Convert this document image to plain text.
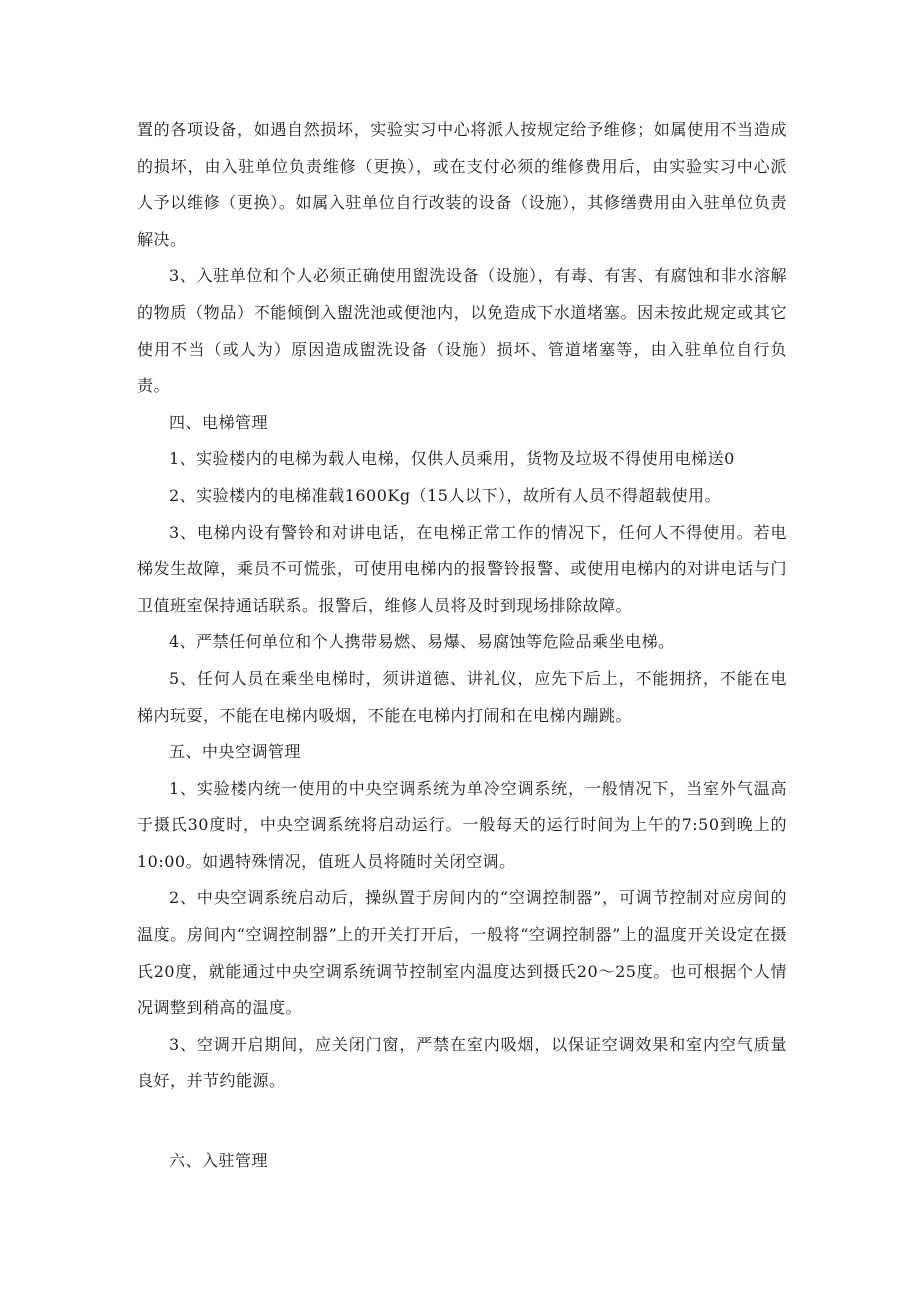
置的各项设备，如遇自然损坏，实验实习中心将派人按规定给予维修；如属使用不当造成的损坏，由入驻单位负责维修（更换），或在支付必须的维修费用后，由实验实习中心派人予以维修（更换）。如属入驻单位自行改装的设备（设施），其修缮费用由入驻单位负责解决。

3、入驻单位和个人必须正确使用盥洗设备（设施），有毒、有害、有腐蚀和非水溶解的物质（物品）不能倾倒入盥洗池或便池内，以免造成下水道堵塞。因未按此规定或其它使用不当（或人为）原因造成盥洗设备（设施）损坏、管道堵塞等，由入驻单位自行负责。

四、电梯管理

1、实验楼内的电梯为载人电梯，仅供人员乘用，货物及垃圾不得使用电梯送0

2、实验楼内的电梯准载1600Kg（15人以下），故所有人员不得超载使用。

3、电梯内设有警铃和对讲电话，在电梯正常工作的情况下，任何人不得使用。若电梯发生故障，乘员不可慌张，可使用电梯内的报警铃报警、或使用电梯内的对讲电话与门卫值班室保持通话联系。报警后，维修人员将及时到现场排除故障。

4、严禁任何单位和个人携带易燃、易爆、易腐蚀等危险品乘坐电梯。

5、任何人员在乘坐电梯时，须讲道德、讲礼仪，应先下后上，不能拥挤，不能在电梯内玩耍，不能在电梯内吸烟，不能在电梯内打闹和在电梯内蹦跳。

五、中央空调管理

1、实验楼内统一使用的中央空调系统为单冷空调系统，一般情况下，当室外气温高于摄氏30度时，中央空调系统将启动运行。一般每天的运行时间为上午的7:50到晚上的10:00。如遇特殊情况，值班人员将随时关闭空调。

2、中央空调系统启动后，操纵置于房间内的“空调控制器”，可调节控制对应房间的温度。房间内“空调控制器”上的开关打开后，一般将“空调控制器”上的温度开关设定在摄氏20度，就能通过中央空调系统调节控制室内温度达到摄氏20～25度。也可根据个人情况调整到稍高的温度。

3、空调开启期间，应关闭门窗，严禁在室内吸烟，以保证空调效果和室内空气质量良好，并节约能源。

六、入驻管理
